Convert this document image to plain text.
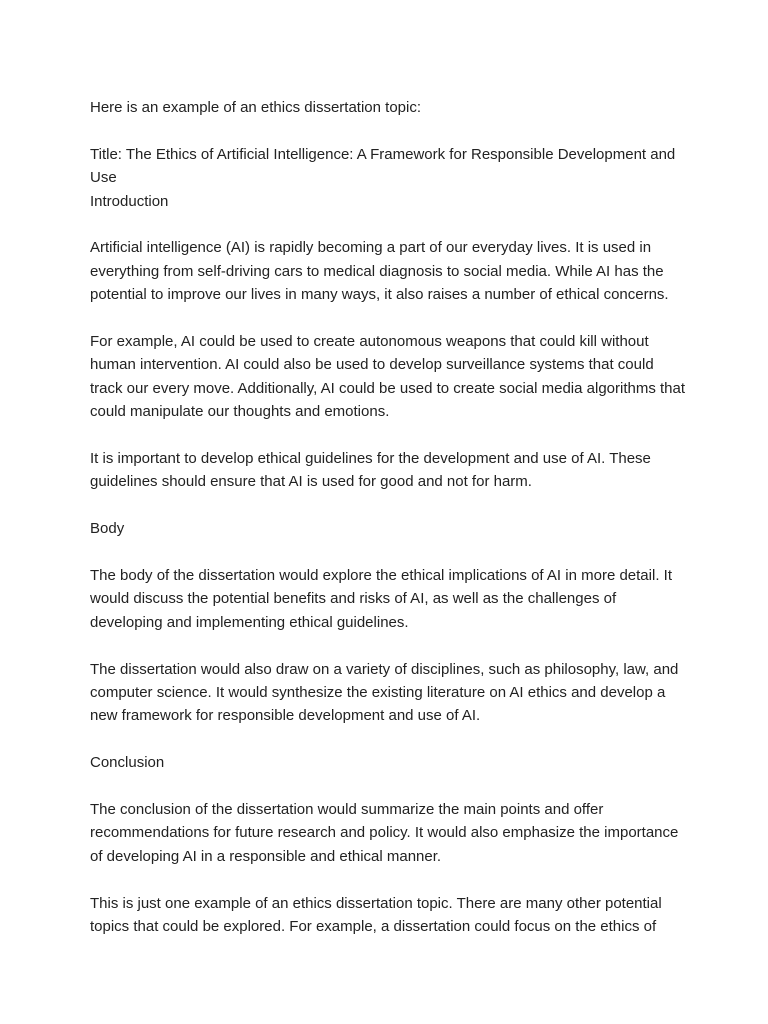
Here is an example of an ethics dissertation topic:

Title: The Ethics of Artificial Intelligence: A Framework for Responsible Development and Use

Introduction

Artificial intelligence (AI) is rapidly becoming a part of our everyday lives. It is used in everything from self-driving cars to medical diagnosis to social media. While AI has the potential to improve our lives in many ways, it also raises a number of ethical concerns.

For example, AI could be used to create autonomous weapons that could kill without human intervention. AI could also be used to develop surveillance systems that could track our every move. Additionally, AI could be used to create social media algorithms that could manipulate our thoughts and emotions.

It is important to develop ethical guidelines for the development and use of AI. These guidelines should ensure that AI is used for good and not for harm.

Body

The body of the dissertation would explore the ethical implications of AI in more detail. It would discuss the potential benefits and risks of AI, as well as the challenges of developing and implementing ethical guidelines.

The dissertation would also draw on a variety of disciplines, such as philosophy, law, and computer science. It would synthesize the existing literature on AI ethics and develop a new framework for responsible development and use of AI.

Conclusion

The conclusion of the dissertation would summarize the main points and offer recommendations for future research and policy. It would also emphasize the importance of developing AI in a responsible and ethical manner.

This is just one example of an ethics dissertation topic. There are many other potential topics that could be explored. For example, a dissertation could focus on the ethics of
